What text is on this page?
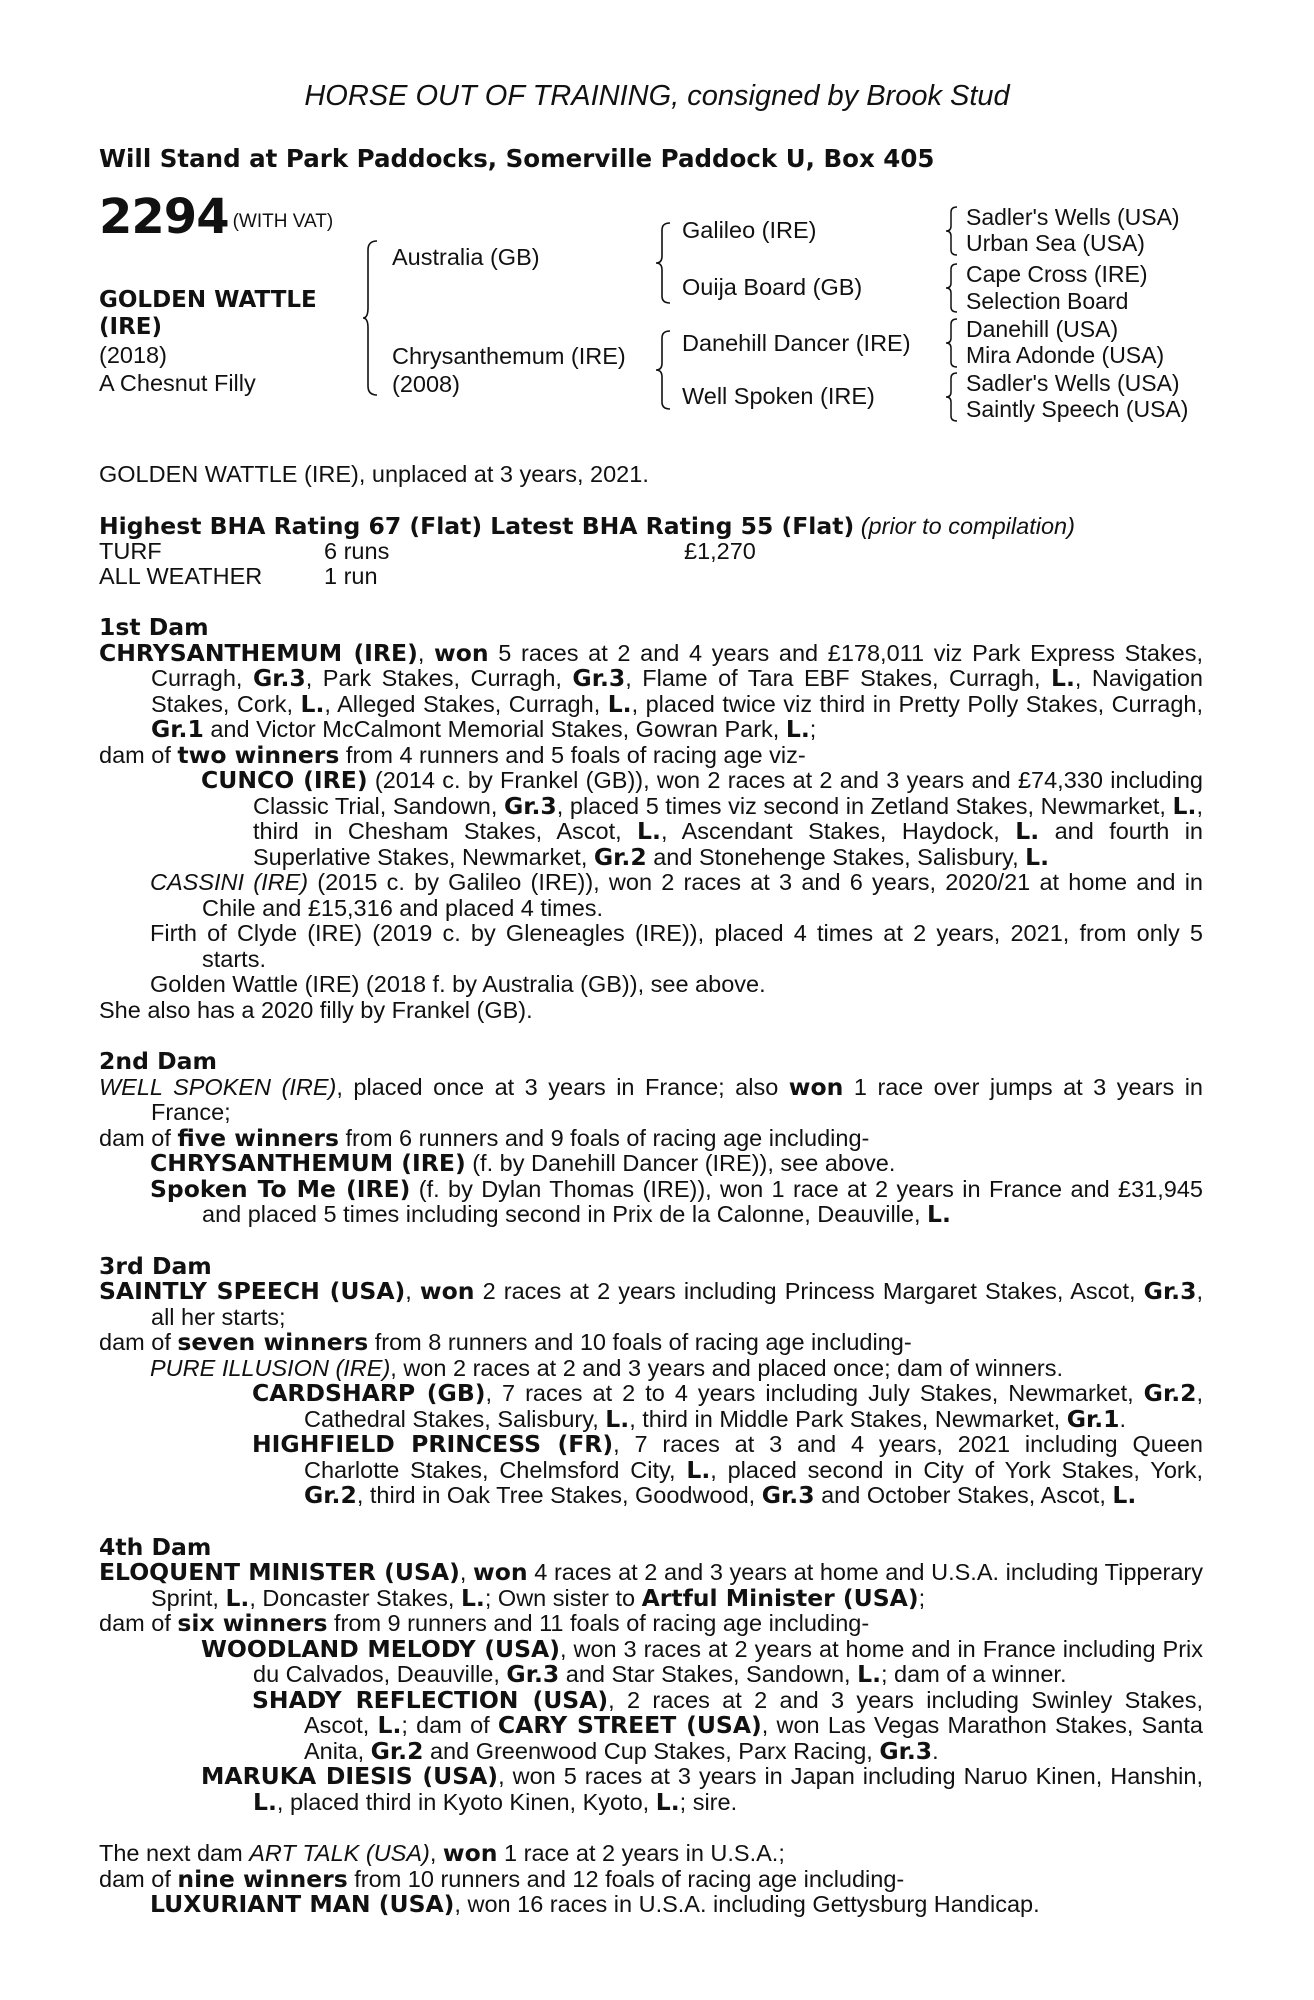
HORSE OUT OF TRAINING, consigned by Brook Stud
Will Stand at Park Paddocks, Somerville Paddock U, Box 405
2294 $^{(WITH VAT)}$
GOLDEN WATTLE
(IRE)
(2018)
A Chesnut Filly
Australia (GB)
Chrysanthemum (IRE)
(2008)
Galileo (IRE)
Ouija Board (GB)
Danehill Dancer (IRE)
Well Spoken (IRE)
Sadler's Wells (USA)
Urban Sea (USA)
Cape Cross (IRE)
Selection Board
Danehill (USA)
Mira Adonde (USA)
Sadler's Wells (USA)
Saintly Speech (USA)

GOLDEN WATTLE (IRE), unplaced at 3 years, 2021.

Highest BHA Rating 67 (Flat) Latest BHA Rating 55 (Flat) (prior to compilation)

TURF	6 runs	£1,270
ALL WEATHER	1 run	

1st Dam

CHRYSANTHEMUM (IRE), won 5 races at 2 and 4 years and £178,011 viz Park Express Stakes, Curragh, Gr.3, Park Stakes, Curragh, Gr.3, Flame of Tara EBF Stakes, Curragh, L., Navigation Stakes, Cork, L., Alleged Stakes, Curragh, L., placed twice viz third in Pretty Polly Stakes, Curragh, Gr.1 and Victor McCalmont Memorial Stakes, Gowran Park, L.;

dam of two winners from 4 runners and 5 foals of racing age viz-

CUNCO (IRE) (2014 c. by Frankel (GB)), won 2 races at 2 and 3 years and £74,330 including Classic Trial, Sandown, Gr.3, placed 5 times viz second in Zetland Stakes, Newmarket, L., third in Chesham Stakes, Ascot, L., Ascendant Stakes, Haydock, L. and fourth in Superlative Stakes, Newmarket, Gr.2 and Stonehenge Stakes, Salisbury, L.

CASSINI (IRE) (2015 c. by Galileo (IRE)), won 2 races at 3 and 6 years, 2020/21 at home and in Chile and £15,316 and placed 4 times.

Firth of Clyde (IRE) (2019 c. by Gleneagles (IRE)), placed 4 times at 2 years, 2021, from only 5 starts.

Golden Wattle (IRE) (2018 f. by Australia (GB)), see above.

She also has a 2020 filly by Frankel (GB).

2nd Dam

WELL SPOKEN (IRE), placed once at 3 years in France; also won 1 race over jumps at 3 years in France;

dam of five winners from 6 runners and 9 foals of racing age including-

CHRYSANTHEMUM (IRE) (f. by Danehill Dancer (IRE)), see above.

Spoken To Me (IRE) (f. by Dylan Thomas (IRE)), won 1 race at 2 years in France and £31,945 and placed 5 times including second in Prix de la Calonne, Deauville, L.

3rd Dam

SAINTLY SPEECH (USA), won 2 races at 2 years including Princess Margaret Stakes, Ascot, Gr.3, all her starts;

dam of seven winners from 8 runners and 10 foals of racing age including-

PURE ILLUSION (IRE), won 2 races at 2 and 3 years and placed once; dam of winners.

CARDSHARP (GB), 7 races at 2 to 4 years including July Stakes, Newmarket, Gr.2, Cathedral Stakes, Salisbury, L., third in Middle Park Stakes, Newmarket, Gr.1.

HIGHFIELD PRINCESS (FR), 7 races at 3 and 4 years, 2021 including Queen Charlotte Stakes, Chelmsford City, L., placed second in City of York Stakes, York, Gr.2, third in Oak Tree Stakes, Goodwood, Gr.3 and October Stakes, Ascot, L.

4th Dam

ELOQUENT MINISTER (USA), won 4 races at 2 and 3 years at home and U.S.A. including Tipperary Sprint, L., Doncaster Stakes, L.; Own sister to Artful Minister (USA);

dam of six winners from 9 runners and 11 foals of racing age including-

WOODLAND MELODY (USA), won 3 races at 2 years at home and in France including Prix du Calvados, Deauville, Gr.3 and Star Stakes, Sandown, L.; dam of a winner.

SHADY REFLECTION (USA), 2 races at 2 and 3 years including Swinley Stakes, Ascot, L.; dam of CARY STREET (USA), won Las Vegas Marathon Stakes, Santa Anita, Gr.2 and Greenwood Cup Stakes, Parx Racing, Gr.3.

MARUKA DIESIS (USA), won 5 races at 3 years in Japan including Naruo Kinen, Hanshin, L., placed third in Kyoto Kinen, Kyoto, L.; sire.

The next dam ART TALK (USA), won 1 race at 2 years in U.S.A.;

dam of nine winners from 10 runners and 12 foals of racing age including-

LUXURIANT MAN (USA), won 16 races in U.S.A. including Gettysburg Handicap.
